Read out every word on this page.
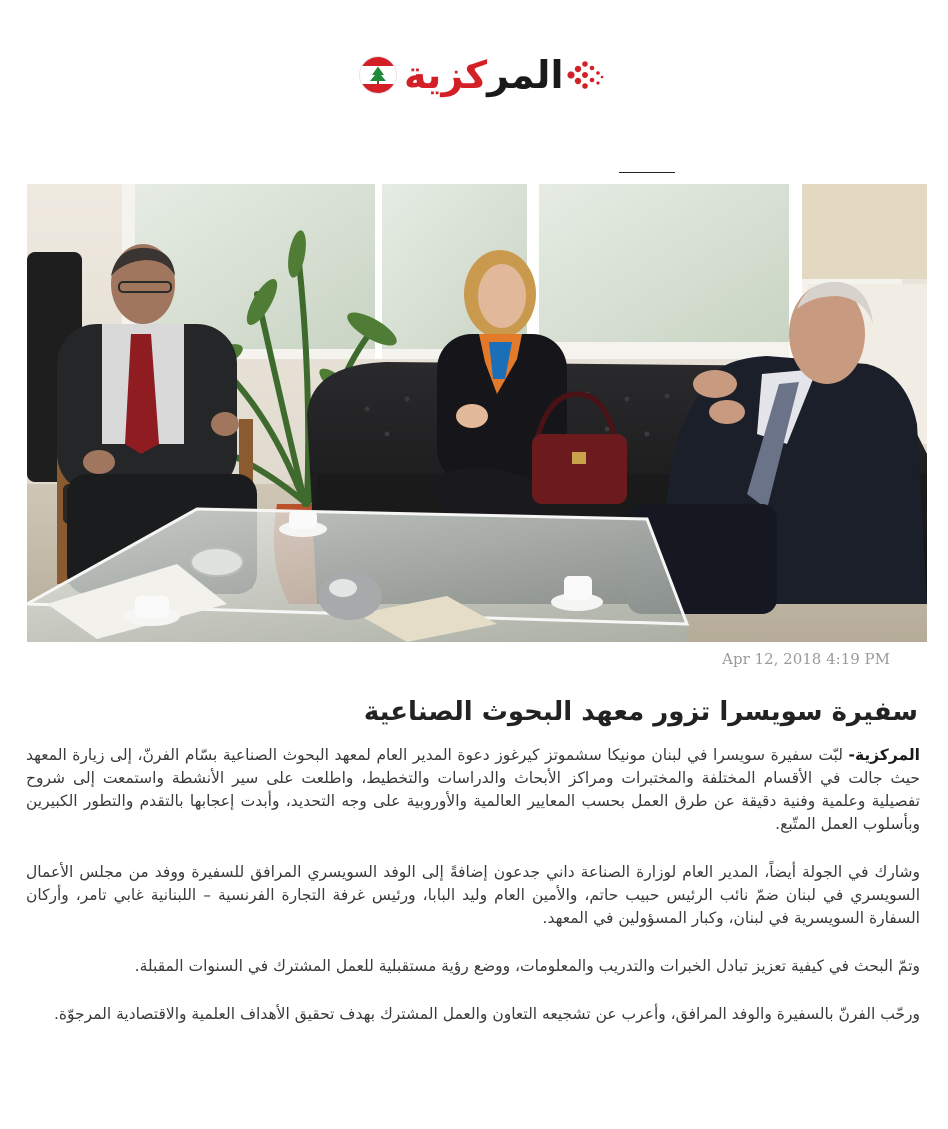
المركزية
Apr 12, 2018 4:19 PM
سفيرة سويسرا تزور معهد البحوث الصناعية

المركزية- لبّت سفيرة سويسرا في لبنان مونيكا سشموتز كيرغوز دعوة المدير العام لمعهد البحوث الصناعية بسّام الفرنّ، إلى زيارة المعهد حيث جالت في الأقسام المختلفة والمختبرات ومراكز الأبحاث والدراسات والتخطيط، واطلعت على سير الأنشطة واستمعت إلى شروح تفصيلية وعلمية وفنية دقيقة عن طرق العمل بحسب المعايير العالمية والأوروبية على وجه التحديد، وأبدت إعجابها بالتقدم والتطور الكبيرين وبأسلوب العمل المتّبع.

وشارك في الجولة أيضاً، المدير العام لوزارة الصناعة داني جدعون إضافةً إلى الوفد السويسري المرافق للسفيرة ووفد من مجلس الأعمال السويسري في لبنان ضمّ نائب الرئيس حبيب حاتم، والأمين العام وليد البابا، ورئيس غرفة التجارة الفرنسية – اللبنانية غابي تامر، وأركان السفارة السويسرية في لبنان، وكبار المسؤولين في المعهد.

وتمّ البحث في كيفية تعزيز تبادل الخبرات والتدريب والمعلومات، ووضع رؤية مستقبلية للعمل المشترك في السنوات المقبلة.

ورحّب الفرنّ بالسفيرة والوفد المرافق، وأعرب عن تشجيعه التعاون والعمل المشترك بهدف تحقيق الأهداف العلمية والاقتصادية المرجوّة.
